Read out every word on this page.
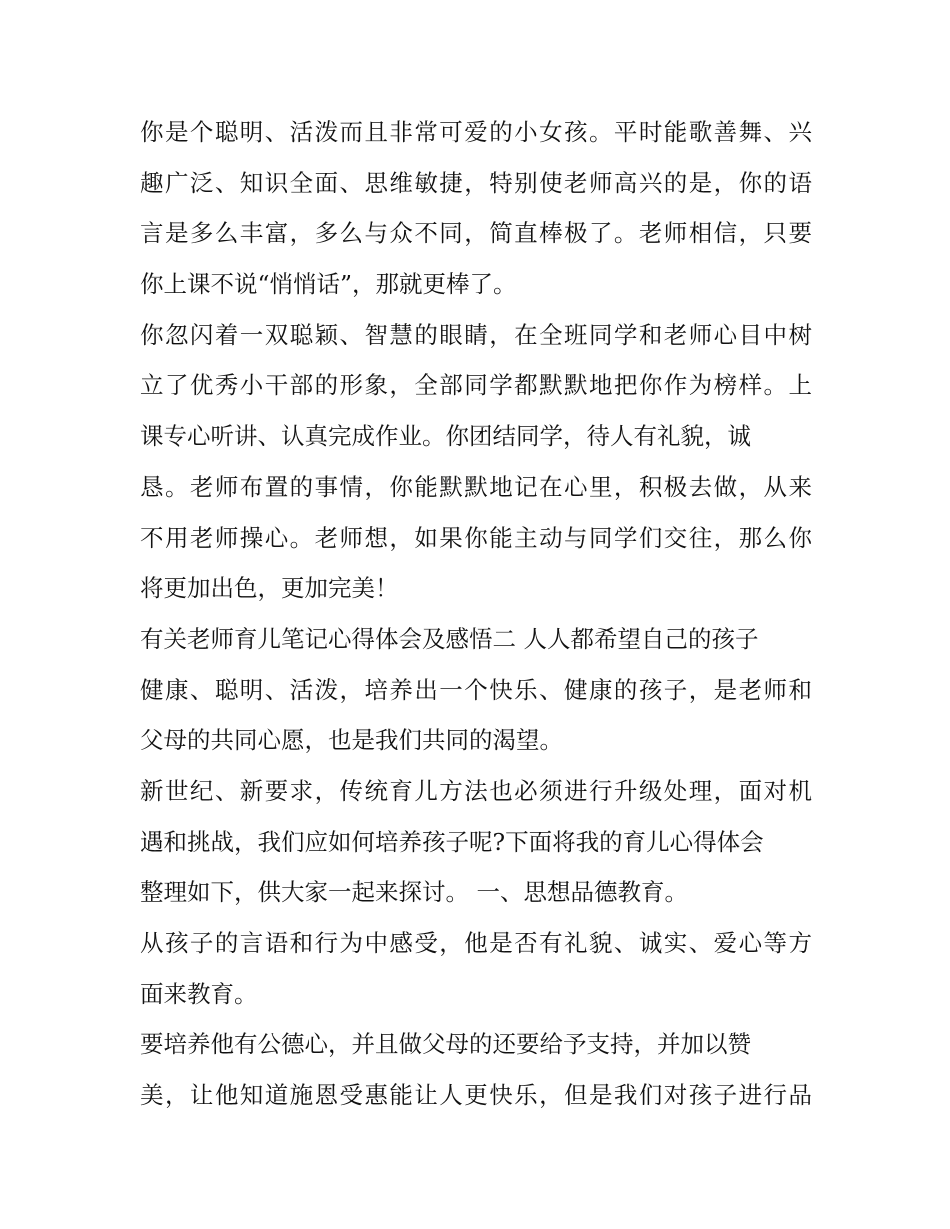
你是个聪明、活泼而且非常可爱的小女孩。平时能歌善舞、兴
趣广泛、知识全面、思维敏捷，特别使老师高兴的是，你的语
言是多么丰富，多么与众不同，简直棒极了。老师相信，只要
你上课不说“悄悄话”，那就更棒了。
你忽闪着一双聪颖、智慧的眼睛，在全班同学和老师心目中树
立了优秀小干部的形象，全部同学都默默地把你作为榜样。上
课专心听讲、认真完成作业。你团结同学，待人有礼貌，诚
恳。老师布置的事情，你能默默地记在心里，积极去做，从来
不用老师操心。老师想，如果你能主动与同学们交往，那么你
将更加出色，更加完美！
有关老师育儿笔记心得体会及感悟二 人人都希望自己的孩子
健康、聪明、活泼，培养出一个快乐、健康的孩子，是老师和
父母的共同心愿，也是我们共同的渴望。
新世纪、新要求，传统育儿方法也必须进行升级处理，面对机
遇和挑战，我们应如何培养孩子呢?下面将我的育儿心得体会
整理如下，供大家一起来探讨。 一、思想品德教育。
从孩子的言语和行为中感受，他是否有礼貌、诚实、爱心等方
面来教育。
要培养他有公德心，并且做父母的还要给予支持，并加以赞
美，让他知道施恩受惠能让人更快乐，但是我们对孩子进行品
